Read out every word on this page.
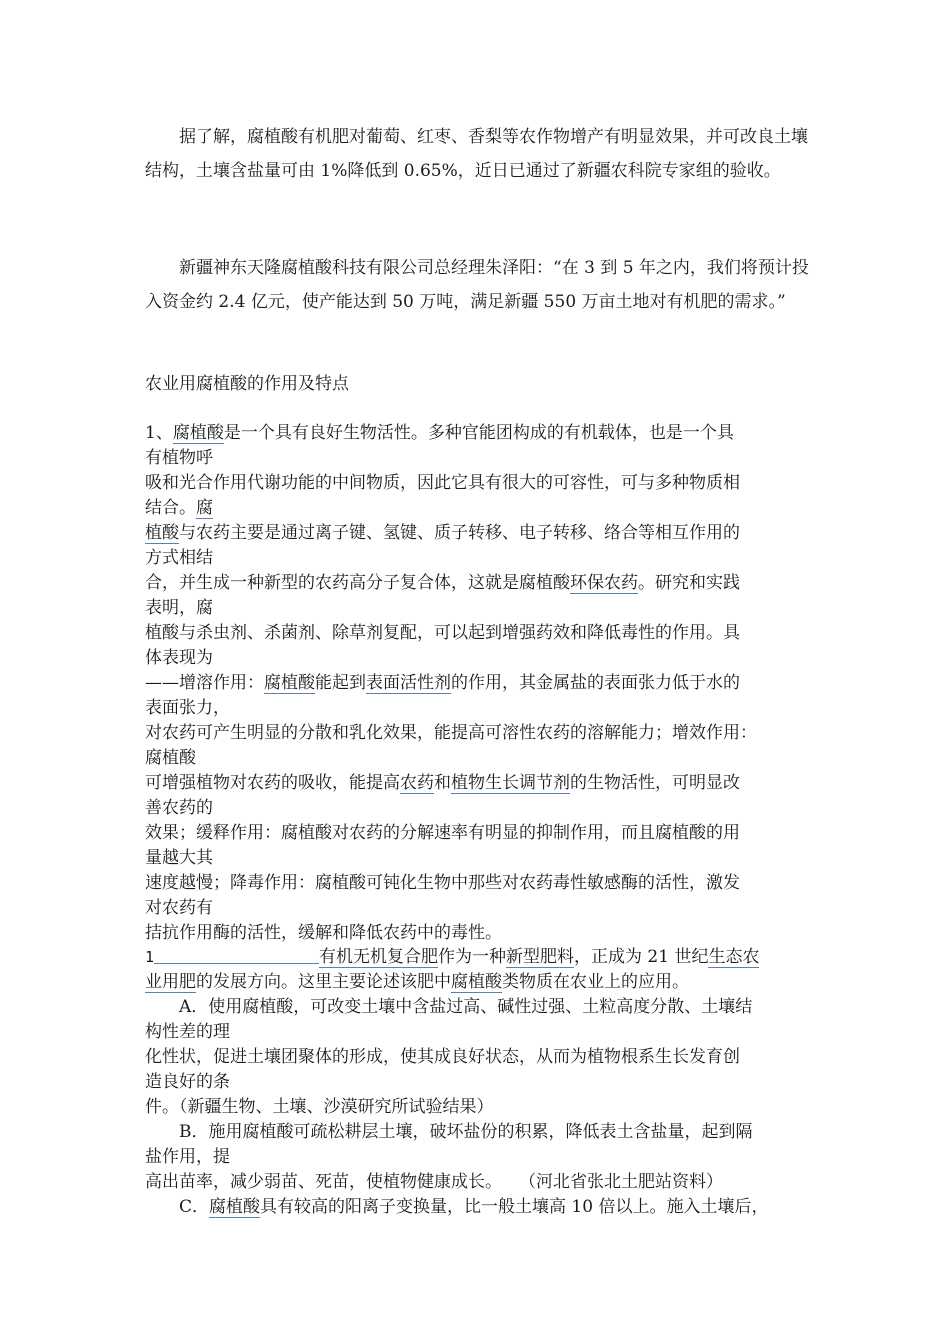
据了解，腐植酸有机肥对葡萄、红枣、香梨等农作物增产有明显效果，并可改良土壤结构，土壤含盐量可由 1%降低到 0.65%，近日已通过了新疆农科院专家组的验收。
新疆神东天隆腐植酸科技有限公司总经理朱泽阳：“在 3 到 5 年之内，我们将预计投入资金约 2.4 亿元，使产能达到 50 万吨，满足新疆 550 万亩土地对有机肥的需求。”
农业用腐植酸的作用及特点
1、腐植酸是一个具有良好生物活性。多种官能团构成的有机载体，也是一个具
有植物呼
吸和光合作用代谢功能的中间物质，因此它具有很大的可容性，可与多种物质相
结合。腐
植酸与农药主要是通过离子键、氢键、质子转移、电子转移、络合等相互作用的
方式相结
合，并生成一种新型的农药高分子复合体，这就是腐植酸环保农药。研究和实践
表明，腐
植酸与杀虫剂、杀菌剂、除草剂复配，可以起到增强药效和降低毒性的作用。具
体表现为
——增溶作用：腐植酸能起到表面活性剂的作用，其金属盐的表面张力低于水的
表面张力，
对农药可产生明显的分散和乳化效果，能提高可溶性农药的溶解能力；增效作用：
腐植酸
可增强植物对农药的吸收，能提高农药和植物生长调节剂的生物活性，可明显改
善农药的
效果；缓释作用：腐植酸对农药的分解速率有明显的抑制作用，而且腐植酸的用
量越大其
速度越慢；降毒作用：腐植酸可钝化生物中那些对农药毒性敏感酶的活性，激发
对农药有
拮抗作用酶的活性，缓解和降低农药中的毒性。
1	有机无机复合肥作为一种新型肥料，正成为 21 世纪生态农
业用肥的发展方向。这里主要论述该肥中腐植酸类物质在农业上的应用。
A．使用腐植酸，可改变土壤中含盐过高、碱性过强、土粒高度分散、土壤结
构性差的理
化性状，促进土壤团聚体的形成，使其成良好状态，从而为植物根系生长发育创
造良好的条
件。（新疆生物、土壤、沙漠研究所试验结果）
B．施用腐植酸可疏松耕层土壤，破坏盐份的积累，降低表土含盐量，起到隔
盐作用，提
高出苗率，减少弱苗、死苗，使植物健康成长。　　（河北省张北土肥站资料）
C．腐植酸具有较高的阳离子变换量，比一般土壤高 10 倍以上。施入土壤后，
